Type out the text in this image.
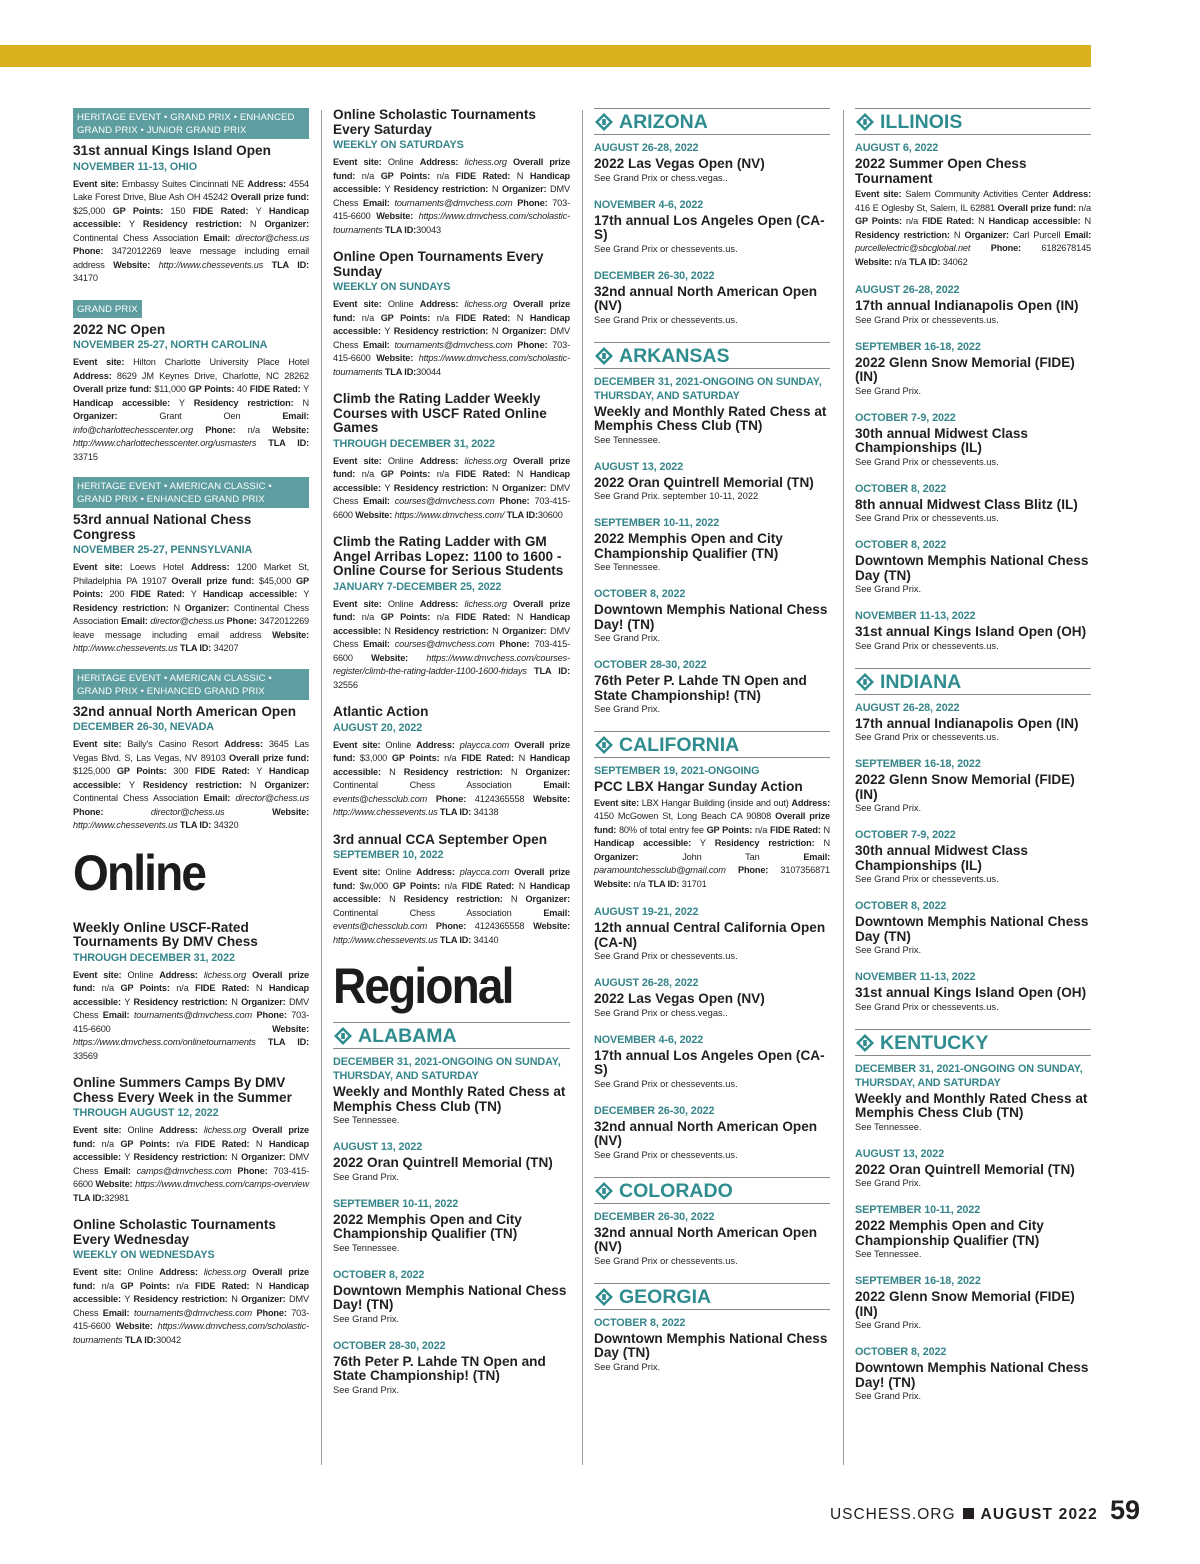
HERITAGE EVENT • GRAND PRIX • ENHANCED GRAND PRIX • JUNIOR GRAND PRIX
31st annual Kings Island Open
NOVEMBER 11-13, OHIO
Event site: Embassy Suites Cincinnati NE Address: 4554 Lake Forest Drive, Blue Ash OH 45242 Overall prize fund: $25,000 GP Points: 150 FIDE Rated: Y Handicap accessible: Y Residency restriction: N Organizer: Continental Chess Association Email: director@chess.us Phone: 3472012269 leave message including email address Website: http://www.chessevents.us TLA ID: 34170
GRAND PRIX
2022 NC Open
NOVEMBER 25-27, NORTH CAROLINA
Event site: Hilton Charlotte University Place Hotel Address: 8629 JM Keynes Drive, Charlotte, NC 28262 Overall prize fund: $11,000 GP Points: 40 FIDE Rated: Y Handicap accessible: Y Residency restriction: N Organizer: Grant Oen Email: info@charlottechesscenter.org Phone: n/a Website: http://www.charlottechesscenter.org/usmasters TLA ID: 33715
HERITAGE EVENT • AMERICAN CLASSIC • GRAND PRIX • ENHANCED GRAND PRIX
53rd annual National Chess Congress
NOVEMBER 25-27, PENNSYLVANIA
Event site: Loews Hotel Address: 1200 Market St, Philadelphia PA 19107 Overall prize fund: $45,000 GP Points: 200 FIDE Rated: Y Handicap accessible: Y Residency restriction: N Organizer: Continental Chess Association Email: director@chess.us Phone: 3472012269 leave message including email address Website: http://www.chessevents.us TLA ID: 34207
HERITAGE EVENT • AMERICAN CLASSIC • GRAND PRIX • ENHANCED GRAND PRIX
32nd annual North American Open
DECEMBER 26-30, NEVADA
Event site: Bally's Casino Resort Address: 3645 Las Vegas Blvd. S, Las Vegas, NV 89103 Overall prize fund: $125,000 GP Points: 300 FIDE Rated: Y Handicap accessible: Y Residency restriction: N Organizer: Continental Chess Association Email: director@chess.us Phone:	director@chess.us	Website: http://www.chessevents.us TLA ID: 34320
Online
Weekly Online USCF-Rated Tournaments By DMV Chess
THROUGH DECEMBER 31, 2022
Event site: Online Address: lichess.org Overall prize fund: n/a GP Points: n/a FIDE Rated: N Handicap accessible: Y Residency restriction: N Organizer: DMV Chess Email: tournaments@dmvchess.com Phone: 703-415-6600 Website: https://www.dmvchess.com/onlinetournaments TLA ID: 33569
Online Summers Camps By DMV Chess Every Week in the Summer
THROUGH AUGUST 12, 2022
Event site: Online Address: lichess.org Overall prize fund: n/a GP Points: n/a FIDE Rated: N Handicap accessible: Y Residency restriction: N Organizer: DMV Chess Email: camps@dmvchess.com Phone: 703-415-6600 Website: https://www.dmvchess.com/camps-overview TLA ID:32981
Online Scholastic Tournaments Every Wednesday
WEEKLY ON WEDNESDAYS
Event site: Online Address: lichess.org Overall prize fund: n/a GP Points: n/a FIDE Rated: N Handicap accessible: Y Residency restriction: N Organizer: DMV Chess Email: tournaments@dmvchess.com Phone: 703-415-6600 Website: https://www.dmvchess.com/scholastic-tournaments TLA ID:30042
Online Scholastic Tournaments Every Saturday
WEEKLY ON SATURDAYS
Event site: Online Address: lichess.org Overall prize fund: n/a GP Points: n/a FIDE Rated: N Handicap accessible: Y Residency restriction: N Organizer: DMV Chess Email: tournaments@dmvchess.com Phone: 703-415-6600 Website: https://www.dmvchess.com/scholastic-tournaments TLA ID:30043
Online Open Tournaments Every Sunday
WEEKLY ON SUNDAYS
Event site: Online Address: lichess.org Overall prize fund: n/a GP Points: n/a FIDE Rated: N Handicap accessible: Y Residency restriction: N Organizer: DMV Chess Email: tournaments@dmvchess.com Phone: 703-415-6600 Website: https://www.dmvchess.com/scholastic-tournaments TLA ID:30044
Climb the Rating Ladder Weekly Courses with USCF Rated Online Games
THROUGH DECEMBER 31, 2022
Event site: Online Address: lichess.org Overall prize fund: n/a GP Points: n/a FIDE Rated: N Handicap accessible: Y Residency restriction: N Organizer: DMV Chess Email: courses@dmvchess.com Phone: 703-415-6600 Website: https://www.dmvchess.com/ TLA ID:30600
Climb the Rating Ladder with GM Angel Arribas Lopez: 1100 to 1600 - Online Course for Serious Students
JANUARY 7-DECEMBER 25, 2022
Event site: Online Address: lichess.org Overall prize fund: n/a GP Points: n/a FIDE Rated: N Handicap accessible: N Residency restriction: N Organizer: DMV Chess Email: courses@dmvchess.com Phone: 703-415-6600 Website: https://www.dmvchess.com/courses-register/climb-the-rating-ladder-1100-1600-fridays TLA ID: 32556
Atlantic Action
AUGUST 20, 2022
Event site: Online Address: playcca.com Overall prize fund: $3,000 GP Points: n/a FIDE Rated: N Handicap accessible: N Residency restriction: N Organizer: Continental Chess Association Email: events@chessclub.com Phone: 4124365558 Website: http://www.chessevents.us TLA ID: 34138
3rd annual CCA September Open
SEPTEMBER 10, 2022
Event site: Online Address: playcca.com Overall prize fund: $w,000 GP Points: n/a FIDE Rated: N Handicap accessible: N Residency restriction: N Organizer: Continental Chess Association Email: events@chessclub.com Phone: 4124365558 Website: http://www.chessevents.us TLA ID: 34140
Regional
ALABAMA
DECEMBER 31, 2021-ONGOING ON SUNDAY, THURSDAY, AND SATURDAY
Weekly and Monthly Rated Chess at Memphis Chess Club (TN)
See Tennessee.
AUGUST 13, 2022
2022 Oran Quintrell Memorial (TN)
See Grand Prix.
SEPTEMBER 10-11, 2022
2022 Memphis Open and City Championship Qualifier (TN)
See Tennessee.
OCTOBER 8, 2022
Downtown Memphis National Chess Day! (TN)
See Grand Prix.
OCTOBER 28-30, 2022
76th Peter P. Lahde TN Open and State Championship! (TN)
See Grand Prix.
ARIZONA
AUGUST 26-28, 2022
2022 Las Vegas Open (NV)
See Grand Prix or chess.vegas..
NOVEMBER 4-6, 2022
17th annual Los Angeles Open (CA-S)
See Grand Prix or chessevents.us.
DECEMBER 26-30, 2022
32nd annual North American Open (NV)
See Grand Prix or chessevents.us.
ARKANSAS
DECEMBER 31, 2021-ONGOING ON SUNDAY, THURSDAY, AND SATURDAY
Weekly and Monthly Rated Chess at Memphis Chess Club (TN)
See Tennessee.
AUGUST 13, 2022
2022 Oran Quintrell Memorial (TN)
See Grand Prix. september 10-11, 2022
SEPTEMBER 10-11, 2022
2022 Memphis Open and City Championship Qualifier (TN)
See Tennessee.
OCTOBER 8, 2022
Downtown Memphis National Chess Day! (TN)
See Grand Prix.
OCTOBER 28-30, 2022
76th Peter P. Lahde TN Open and State Championship! (TN)
See Grand Prix.
CALIFORNIA
SEPTEMBER 19, 2021-ONGOING
PCC LBX Hangar Sunday Action
Event site: LBX Hangar Building (inside and out) Address: 4150 McGowen St, Long Beach CA 90808 Overall prize fund: 80% of total entry fee GP Points: n/a FIDE Rated: N Handicap accessible: Y Residency restriction: N Organizer: John Tan Email: paramountchessclub@gmail.com Phone: 3107356871 Website: n/a TLA ID: 31701
AUGUST 19-21, 2022
12th annual Central California Open (CA-N)
See Grand Prix or chessevents.us.
AUGUST 26-28, 2022
2022 Las Vegas Open (NV)
See Grand Prix or chess.vegas..
NOVEMBER 4-6, 2022
17th annual Los Angeles Open (CA-S)
See Grand Prix or chessevents.us.
DECEMBER 26-30, 2022
32nd annual North American Open (NV)
See Grand Prix or chessevents.us.
COLORADO
DECEMBER 26-30, 2022
32nd annual North American Open (NV)
See Grand Prix or chessevents.us.
GEORGIA
OCTOBER 8, 2022
Downtown Memphis National Chess Day (TN)
See Grand Prix.
ILLINOIS
AUGUST 6, 2022
2022 Summer Open Chess Tournament
Event site: Salem Community Activities Center Address: 416 E Oglesby St, Salem, IL 62881 Overall prize fund: n/a GP Points: n/a FIDE Rated: N Handicap accessible: N Residency restriction: N Organizer: Carl Purcell Email: purcellelectric@sbcglobal.net Phone: 6182678145 Website: n/a TLA ID: 34062
AUGUST 26-28, 2022
17th annual Indianapolis Open (IN)
See Grand Prix or chessevents.us.
SEPTEMBER 16-18, 2022
2022 Glenn Snow Memorial (FIDE) (IN)
See Grand Prix.
OCTOBER 7-9, 2022
30th annual Midwest Class Championships (IL)
See Grand Prix or chessevents.us.
OCTOBER 8, 2022
8th annual Midwest Class Blitz (IL)
See Grand Prix or chessevents.us.
OCTOBER 8, 2022
Downtown Memphis National Chess Day (TN)
See Grand Prix.
NOVEMBER 11-13, 2022
31st annual Kings Island Open (OH)
See Grand Prix or chessevents.us.
INDIANA
AUGUST 26-28, 2022
17th annual Indianapolis Open (IN)
See Grand Prix or chessevents.us.
SEPTEMBER 16-18, 2022
2022 Glenn Snow Memorial (FIDE) (IN)
See Grand Prix.
OCTOBER 7-9, 2022
30th annual Midwest Class Championships (IL)
See Grand Prix or chessevents.us.
OCTOBER 8, 2022
Downtown Memphis National Chess Day (TN)
See Grand Prix.
NOVEMBER 11-13, 2022
31st annual Kings Island Open (OH)
See Grand Prix or chessevents.us.
KENTUCKY
DECEMBER 31, 2021-ONGOING ON SUNDAY, THURSDAY, AND SATURDAY
Weekly and Monthly Rated Chess at Memphis Chess Club (TN)
See Tennessee.
AUGUST 13, 2022
2022 Oran Quintrell Memorial (TN)
See Grand Prix.
SEPTEMBER 10-11, 2022
2022 Memphis Open and City Championship Qualifier (TN)
See Tennessee.
SEPTEMBER 16-18, 2022
2022 Glenn Snow Memorial (FIDE) (IN)
See Grand Prix.
OCTOBER 8, 2022
Downtown Memphis National Chess Day! (TN)
See Grand Prix.
USCHESS.ORG AUGUST 2022 59
